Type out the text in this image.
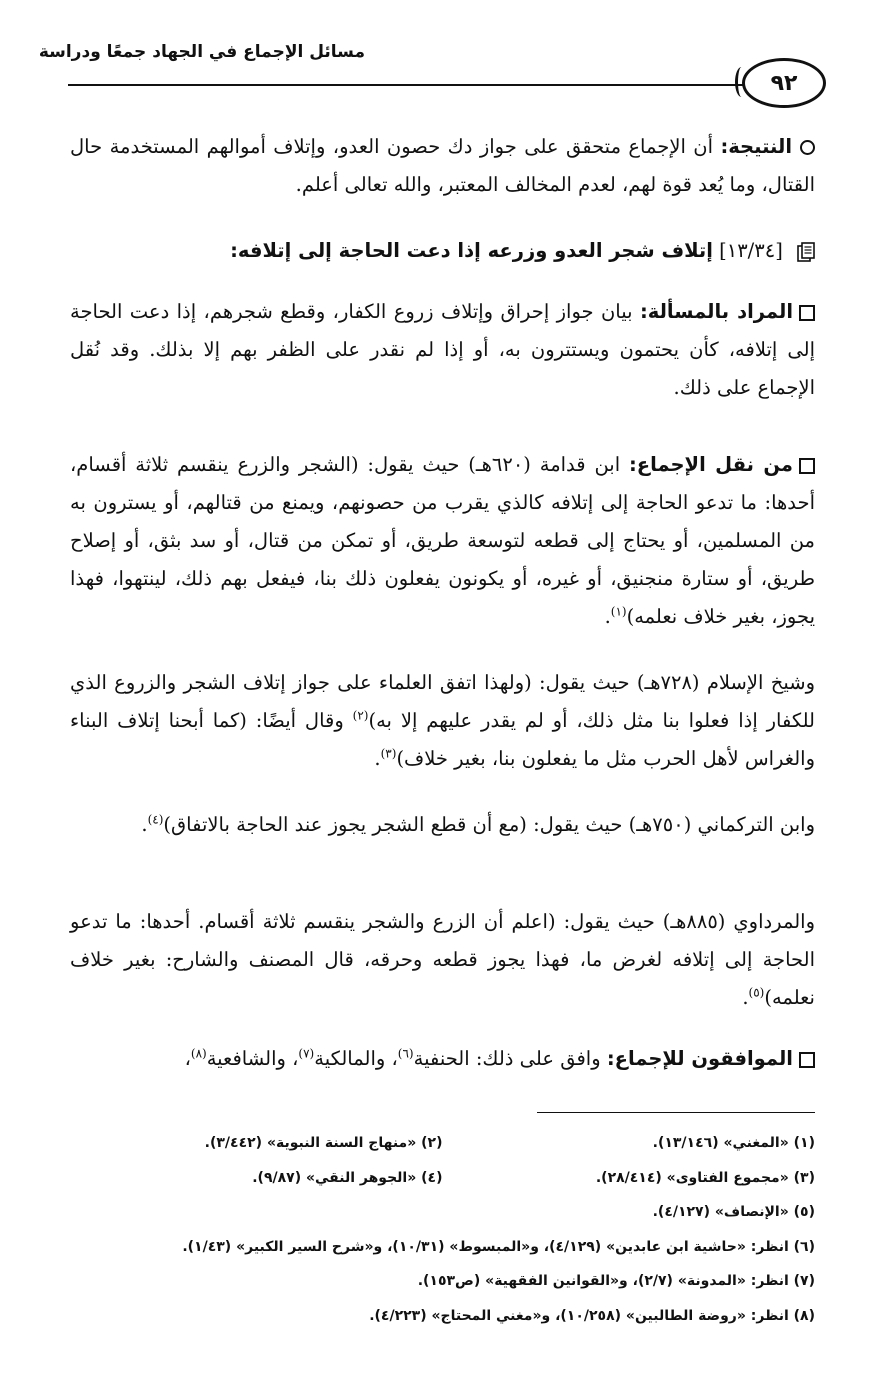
مسائل الإجماع في الجهاد جمعًا ودراسة
٩٢
النتيجة: أن الإجماع متحقق على جواز دك حصون العدو، وإتلاف أموالهم المستخدمة حال القتال، وما يُعد قوة لهم، لعدم المخالف المعتبر، والله تعالى أعلم.
[١٣/٣٤] إتلاف شجر العدو وزرعه إذا دعت الحاجة إلى إتلافه:
المراد بالمسألة: بيان جواز إحراق وإتلاف زروع الكفار، وقطع شجرهم، إذا دعت الحاجة إلى إتلافه، كأن يحتمون ويستترون به، أو إذا لم نقدر على الظفر بهم إلا بذلك. وقد نُقل الإجماع على ذلك.
من نقل الإجماع: ابن قدامة (٦٢٠هـ) حيث يقول: (الشجر والزرع ينقسم ثلاثة أقسام، أحدها: ما تدعو الحاجة إلى إتلافه كالذي يقرب من حصونهم، ويمنع من قتالهم، أو يسترون به من المسلمين، أو يحتاج إلى قطعه لتوسعة طريق، أو تمكن من قتال، أو سد بثق، أو إصلاح طريق، أو ستارة منجنيق، أو غيره، أو يكونون يفعلون ذلك بنا، فيفعل بهم ذلك، لينتهوا، فهذا يجوز، بغير خلاف نعلمه)$^{(١)}$.
وشيخ الإسلام (٧٢٨هـ) حيث يقول: (ولهذا اتفق العلماء على جواز إتلاف الشجر والزروع الذي للكفار إذا فعلوا بنا مثل ذلك، أو لم يقدر عليهم إلا به)$^{(٢)}$ وقال أيضًا: (كما أبحنا إتلاف البناء والغراس لأهل الحرب مثل ما يفعلون بنا، بغير خلاف)$^{(٣)}$.
وابن التركماني (٧٥٠هـ) حيث يقول: (مع أن قطع الشجر يجوز عند الحاجة بالاتفاق)$^{(٤)}$.
والمرداوي (٨٨٥هـ) حيث يقول: (اعلم أن الزرع والشجر ينقسم ثلاثة أقسام. أحدها: ما تدعو الحاجة إلى إتلافه لغرض ما، فهذا يجوز قطعه وحرقه، قال المصنف والشارح: بغير خلاف نعلمه)$^{(٥)}$.
الموافقون للإجماع: وافق على ذلك: الحنفية$^{(٦)}$، والمالكية$^{(٧)}$، والشافعية$^{(٨)}$،
(١) «المغني» (١٣/١٤٦).
(٢) «منهاج السنة النبوية» (٣/٤٤٢).
(٣) «مجموع الفتاوى» (٢٨/٤١٤).
(٤) «الجوهر النقي» (٩/٨٧).
(٥) «الإنصاف» (٤/١٢٧).
(٦) انظر: «حاشية ابن عابدين» (٤/١٢٩)، و«المبسوط» (١٠/٣١)، و«شرح السير الكبير» (١/٤٣).
(٧) انظر: «المدونة» (٢/٧)، و«القوانين الفقهية» (ص١٥٣).
(٨) انظر: «روضة الطالبين» (١٠/٢٥٨)، و«مغني المحتاج» (٤/٢٢٣).
